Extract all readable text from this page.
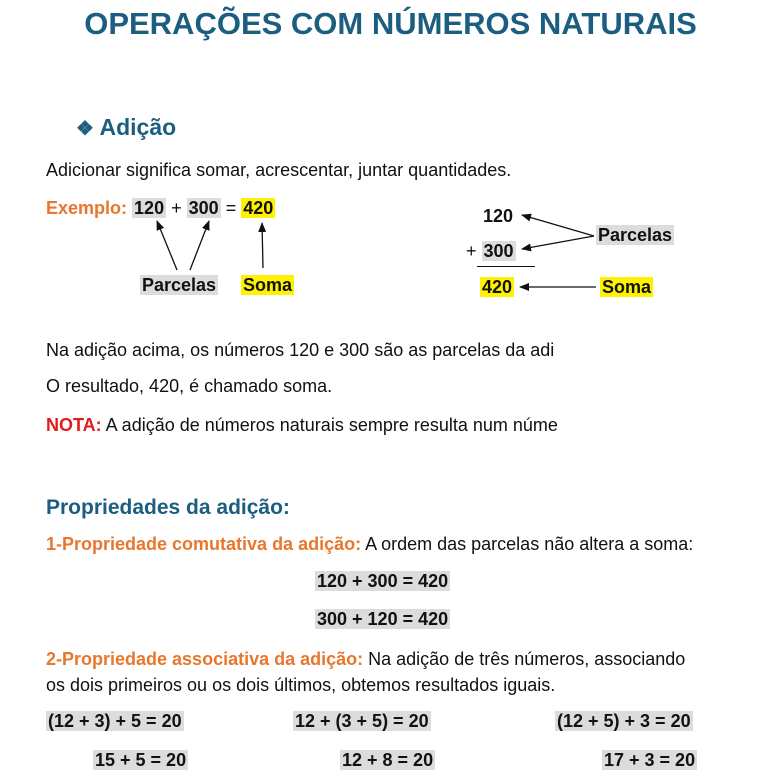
OPERAÇÕES COM NÚMEROS NATURAIS
❖ Adição
Adicionar significa somar, acrescentar, juntar quantidades.
Exemplo: 120 + 300 = 420
Parcelas Soma
120
+ 300
420
Parcelas
Soma
Na adição acima, os números 120 e 300 são as parcelas da adi
O resultado, 420, é chamado soma.
NOTA: A adição de números naturais sempre resulta num núme
Propriedades da adição:
1-Propriedade comutativa da adição: A ordem das parcelas não altera a soma:
120 + 300 = 420
300 + 120 = 420
2-Propriedade associativa da adição: Na adição de três números, associando
os dois primeiros ou os dois últimos, obtemos resultados iguais.
(12 + 3) + 5 = 20	12 + (3 + 5) = 20	(12 + 5) + 3 = 20
15 + 5 = 20	12 + 8 = 20	17 + 3 = 20
